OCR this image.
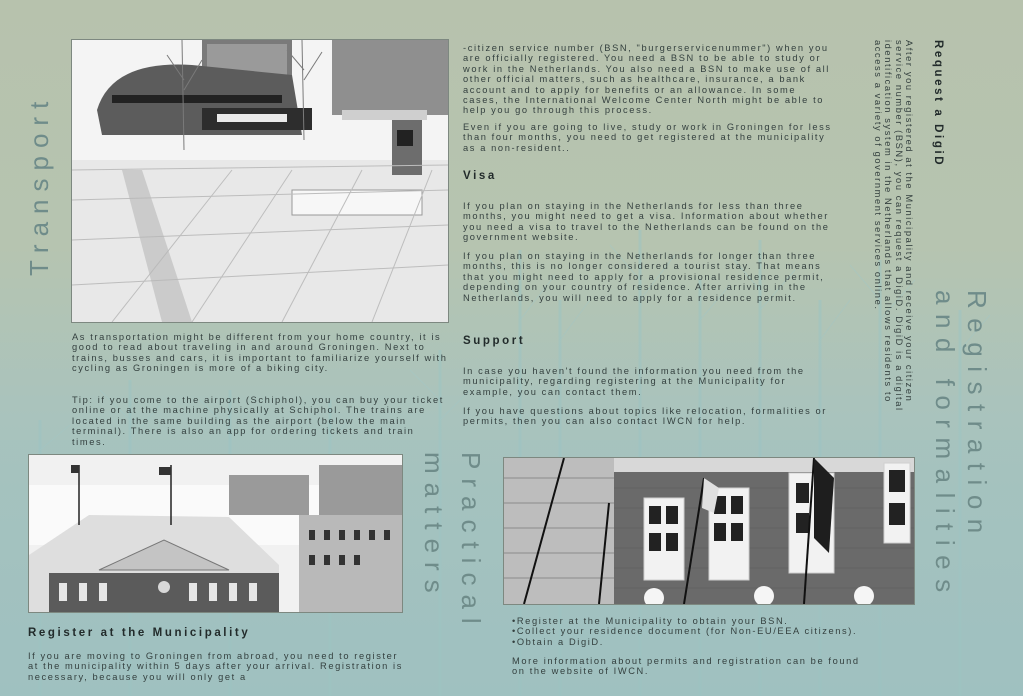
Transport

As transportation might be different from your home country, it is good to read about traveling in and around Groningen. Next to trains, busses and cars, it is important to familiarize yourself with cycling as Groningen is more of a biking city.

Tip: if you come to the airport (Schiphol), you can buy your ticket online or at the machine physically at Schiphol. The trains are located in the same building as the airport (below the main terminal). There is also an app for ordering tickets and train times.

-citizen service number (BSN, "burgerservicenummer") when you are officially registered. You need a BSN to be able to study or work in the Netherlands. You also need a BSN to make use of all other official matters, such as healthcare, insurance, a bank account and to apply for benefits or an allowance. In some cases, the International Welcome Center North might be able to help you go through this process.

Even if you are going to live, study or work in Groningen for less than four months, you need to get registered at the municipality as a non-resident..

Visa

If you plan on staying in the Netherlands for less than three months, you might need to get a visa. Information about whether you need a visa to travel to the Netherlands can be found on the government website.

If you plan on staying in the Netherlands for longer than three months, this is no longer considered a tourist stay. That means that you might need to apply for a provisional residence permit, depending on your country of residence. After arriving in the Netherlands, you will need to apply for a residence permit.

Support

In case you haven't found the information you need from the municipality, regarding registering at the Municipality for example, you can contact them.

If you have questions about topics like relocation, formalities or permits, then you can also contact IWCN for help.

Request a DigiD
After you registered at the Municipality and receive your citizen service number (BSN), you can request a DigiD. DigiD is a digital identification system in the Netherlands that allows residents to access a variety of government services online.
Registration
and formalities
Practical
matters
Register at the Municipality

If you are moving to Groningen from abroad, you need to register at the municipality within 5 days after your arrival. Registration is necessary, because you will only get a

•Register at the Municipality to obtain your BSN.
•Collect your residence document (for Non-EU/EEA citizens).
•Obtain a DigiD.

More information about permits and registration can be found on the website of IWCN.
